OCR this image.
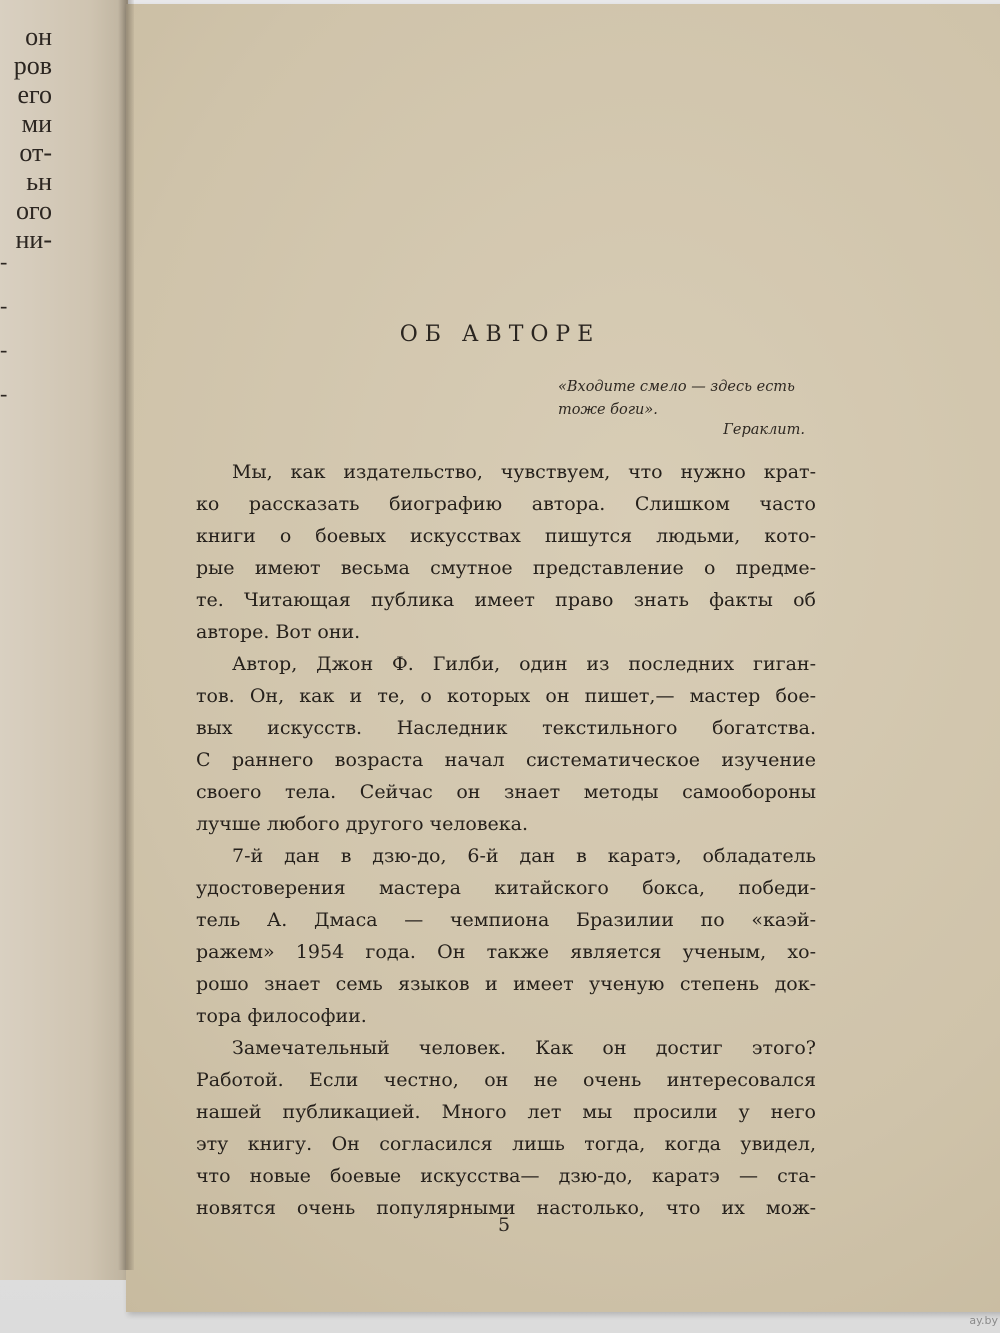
он
ров
его
ми
от-
ьн
ого
ни-
-
-
-
-
ОБ АВТОРЕ
«Входите смело — здесь есть
тоже боги».
Гераклит.
Мы, как издательство, чувствуем, что нужно крат-
ко рассказать биографию автора. Слишком часто
книги о боевых искусствах пишутся людьми, кото-
рые имеют весьма смутное представление о предме-
те. Читающая публика имеет право знать факты об
авторе. Вот они.
Автор, Джон Ф. Гилби, один из последних гиган-
тов. Он, как и те, о которых он пишет,— мастер бое-
вых искусств. Наследник текстильного богатства.
С раннего возраста начал систематическое изучение
своего тела. Сейчас он знает методы самообороны
лучше любого другого человека.
7-й дан в дзю-до, 6-й дан в каратэ, обладатель
удостоверения мастера китайского бокса, победи-
тель А. Дмаса — чемпиона Бразилии по «каэй-
ражем» 1954 года. Он также является ученым, хо-
рошо знает семь языков и имеет ученую степень док-
тора философии.
Замечательный человек. Как он достиг этого?
Работой. Если честно, он не очень интересовался
нашей публикацией. Много лет мы просили у него
эту книгу. Он согласился лишь тогда, когда увидел,
что новые боевые искусства— дзю-до, каратэ — ста-
новятся очень популярными настолько, что их мож-
5
ay.by
